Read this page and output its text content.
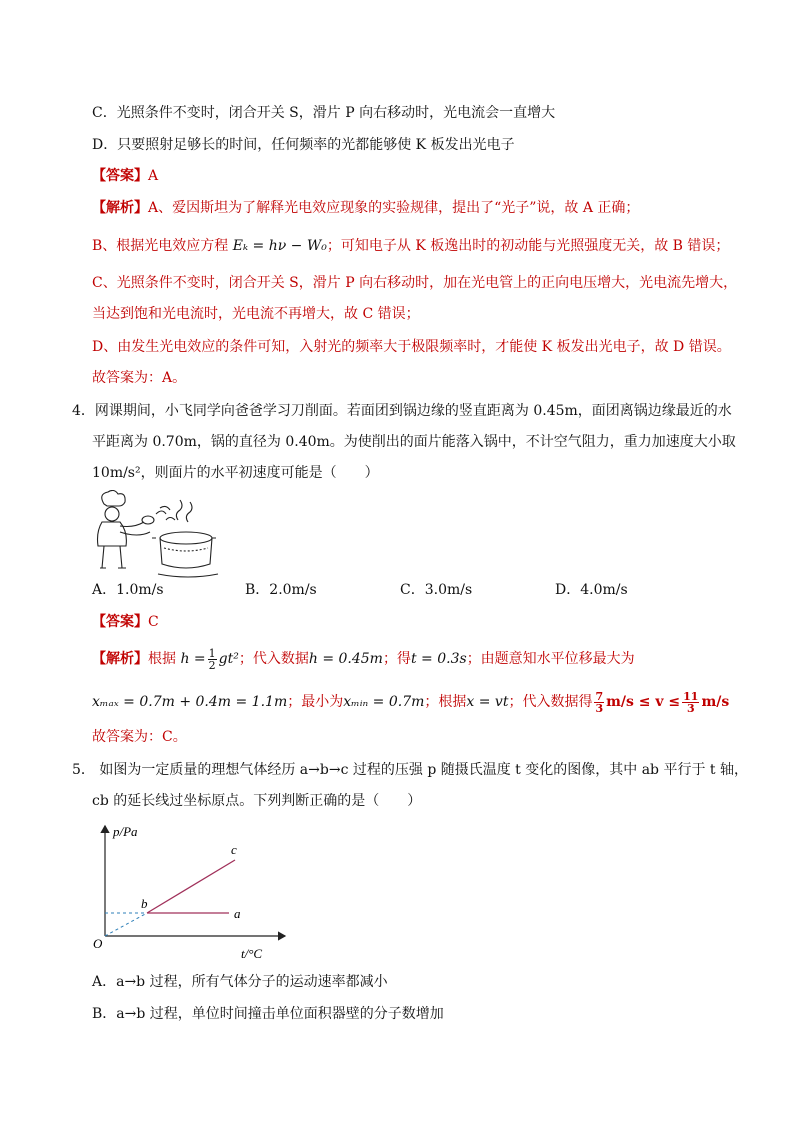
C．光照条件不变时，闭合开关 S，滑片 P 向右移动时，光电流会一直增大
D．只要照射足够长的时间，任何频率的光都能够使 K 板发出光电子
【答案】A
【解析】A、爱因斯坦为了解释光电效应现象的实验规律，提出了“光子”说，故 A 正确；
B、根据光电效应方程 Eₖ = hν − W₀；可知电子从 K 板逸出时的初动能与光照强度无关，故 B 错误；
C、光照条件不变时，闭合开关 S，滑片 P 向右移动时，加在光电管上的正向电压增大，光电流先增大，
当达到饱和光电流时，光电流不再增大，故 C 错误；
D、由发生光电效应的条件可知，入射光的频率大于极限频率时，才能使 K 板发出光电子，故 D 错误。
故答案为：A。
4．网课期间，小飞同学向爸爸学习刀削面。若面团到锅边缘的竖直距离为 0.45m，面团离锅边缘最近的水
平距离为 0.70m，锅的直径为 0.40m。为使削出的面片能落入锅中，不计空气阻力，重力加速度大小取
10m/s²，则面片的水平初速度可能是（　　）
A．1.0m/s	B．2.0m/s	C．3.0m/s	D．4.0m/s
【答案】C
【解析】根据 $h = \frac{1}{2} gt^2$；代入数据h = 0.45m；得t = 0.3s；由题意知水平位移最大为
xₘₐₓ = 0.7m + 0.4m = 1.1m；最小为xₘᵢₙ = 0.7m；根据x = vt；代入数据得 $\frac{7}{3} m/s \le v \le \frac{11}{3} m/s$
故答案为：C。
5． 如图为一定质量的理想气体经历 a→b→c 过程的压强 p 随摄氏温度 t 变化的图像，其中 ab 平行于 t 轴，
cb 的延长线过坐标原点。下列判断正确的是（　　）
p/Pa
t/°C
O
c
b
a
A．a→b 过程，所有气体分子的运动速率都减小
B．a→b 过程，单位时间撞击单位面积器壁的分子数增加
